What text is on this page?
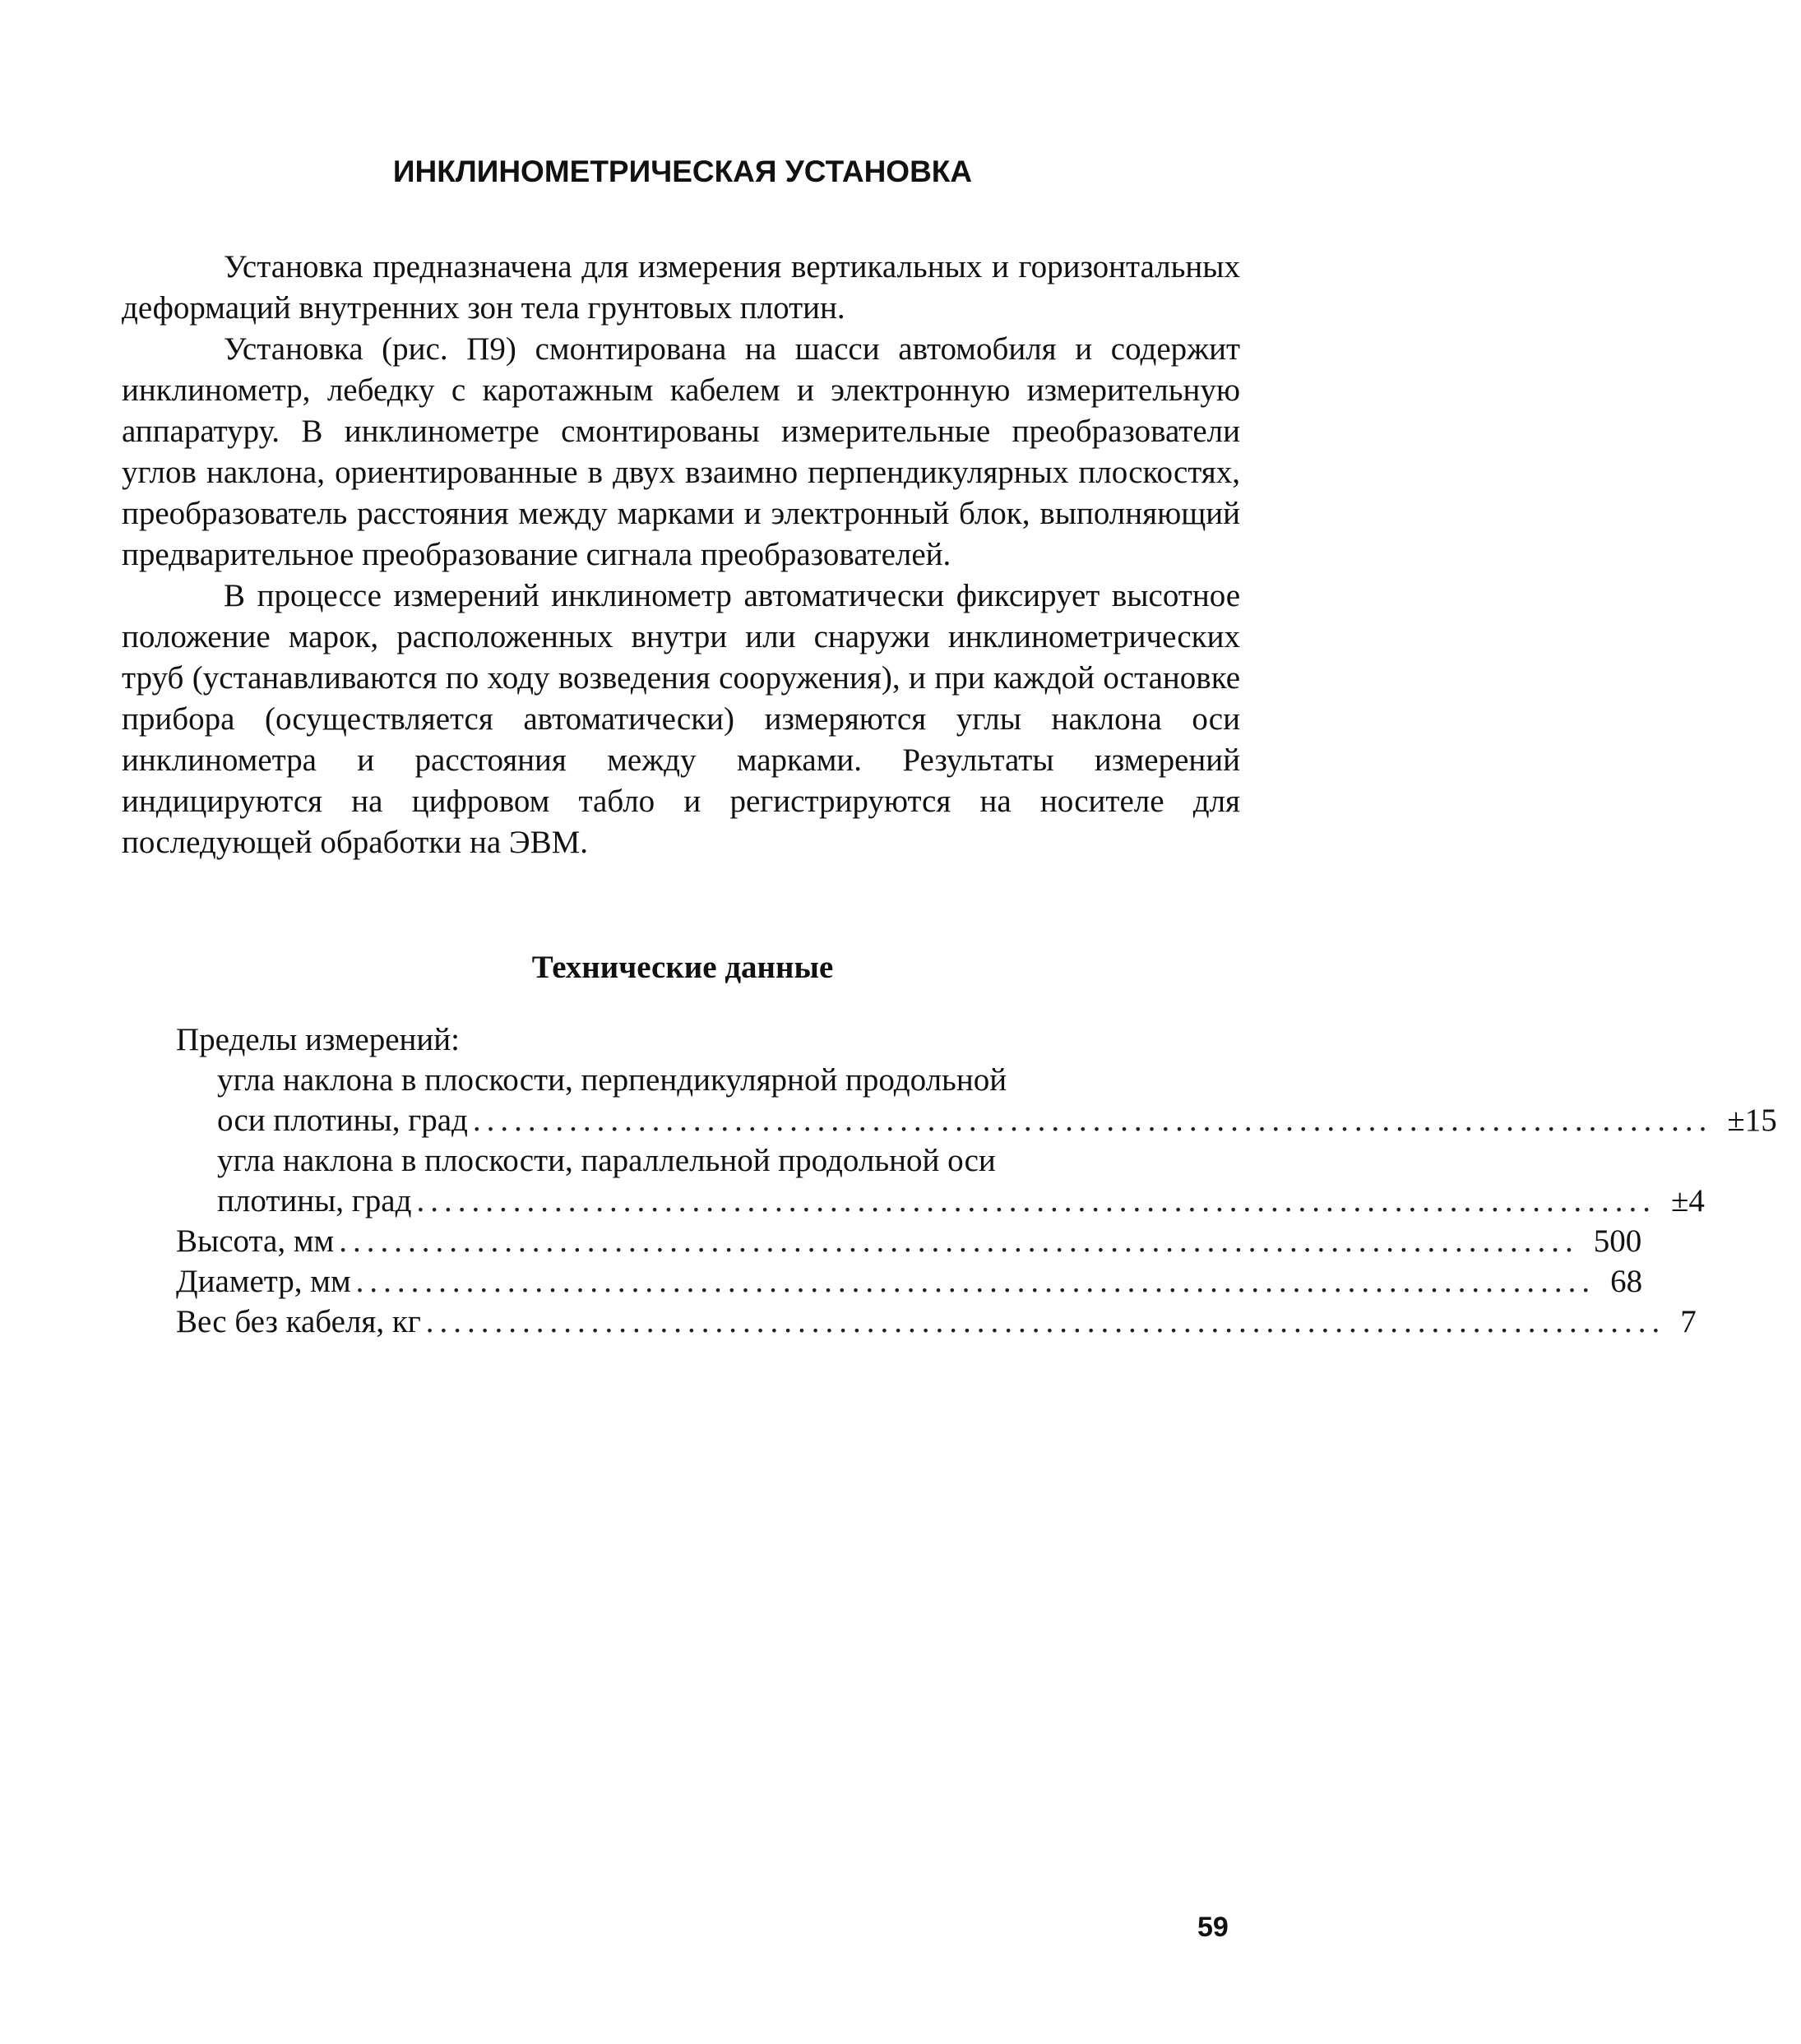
ИНКЛИНОМЕТРИЧЕСКАЯ УСТАНОВКА

Установка предназначена для измерения вертикальных и горизонтальных деформаций внутренних зон тела грунтовых плотин.

Установка (рис. П9) смонтирована на шасси автомобиля и содержит инклинометр, лебедку с каротажным кабелем и электронную измерительную аппаратуру. В инклинометре смонтированы измерительные преобразователи углов наклона, ориентированные в двух взаимно перпендикулярных плоскостях, преобразователь расстояния между марками и электронный блок, выполняющий предварительное преобразование сигнала преобразователей.

В процессе измерений инклинометр автоматически фиксирует высотное положение марок, расположенных внутри или снаружи инклинометрических труб (устанавливаются по ходу возведения сооружения), и при каждой остановке прибора (осуществляется автоматически) измеряются углы наклона оси инклинометра и расстояния между марками. Результаты измерений индицируются на цифровом табло и регистрируются на носителе для последующей обработки на ЭВМ.

Технические данные
Пределы измерений:
угла наклона в плоскости, перпендикулярной продольной
оси плотины, град .......................................................................................... ±15
угла наклона в плоскости, параллельной продольной оси
плотины, град .......................................................................................... ±4
Высота, мм .......................................................................................... 500
Диаметр, мм .......................................................................................... 68
Вес без кабеля, кг .......................................................................................... 7
59
